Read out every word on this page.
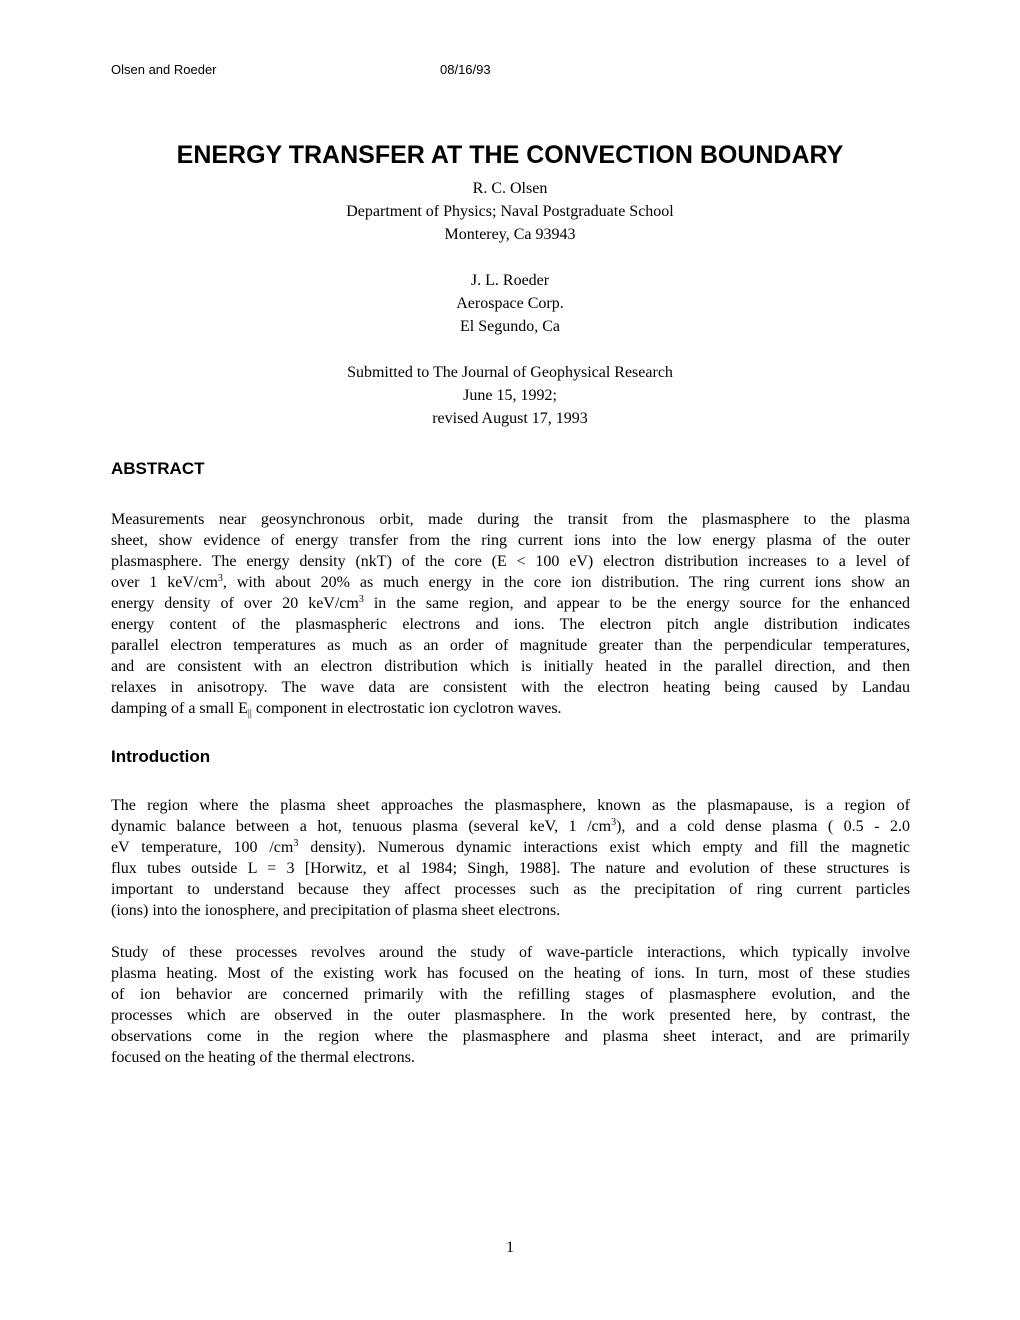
Olsen and Roeder	08/16/93
ENERGY TRANSFER AT THE CONVECTION BOUNDARY
R. C. Olsen
Department of Physics; Naval Postgraduate School
Monterey, Ca 93943
J. L. Roeder
Aerospace Corp.
El Segundo, Ca
Submitted to The Journal of Geophysical Research
June 15, 1992;
revised August 17, 1993
ABSTRACT
Measurements near geosynchronous orbit, made during the transit from the plasmasphere to the plasma
sheet, show evidence of energy transfer from the ring current ions into the low energy plasma of the outer
plasmasphere. The energy density (nkT) of the core (E < 100 eV) electron distribution increases to a level of
over 1 keV/$cm^3$, with about 20% as much energy in the core ion distribution. The ring current ions show an
energy density of over 20 keV/$cm^3$ in the same region, and appear to be the energy source for the enhanced
energy content of the plasmaspheric electrons and ions. The electron pitch angle distribution indicates
parallel electron temperatures as much as an order of magnitude greater than the perpendicular temperatures,
and are consistent with an electron distribution which is initially heated in the parallel direction, and then
relaxes in anisotropy. The wave data are consistent with the electron heating being caused by Landau
damping of a small $E_{||}$ component in electrostatic ion cyclotron waves.
Introduction
The region where the plasma sheet approaches the plasmasphere, known as the plasmapause, is a region of
dynamic balance between a hot, tenuous plasma (several keV, 1 $/cm^3$), and a cold dense plasma ( 0.5 - 2.0
eV temperature, 100 $/cm^3$ density). Numerous dynamic interactions exist which empty and fill the magnetic
flux tubes outside L = 3 [Horwitz, et al 1984; Singh, 1988]. The nature and evolution of these structures is
important to understand because they affect processes such as the precipitation of ring current particles
(ions) into the ionosphere, and precipitation of plasma sheet electrons.
Study of these processes revolves around the study of wave-particle interactions, which typically involve
plasma heating. Most of the existing work has focused on the heating of ions. In turn, most of these studies
of ion behavior are concerned primarily with the refilling stages of plasmasphere evolution, and the
processes which are observed in the outer plasmasphere. In the work presented here, by contrast, the
observations come in the region where the plasmasphere and plasma sheet interact, and are primarily
focused on the heating of the thermal electrons.
1
